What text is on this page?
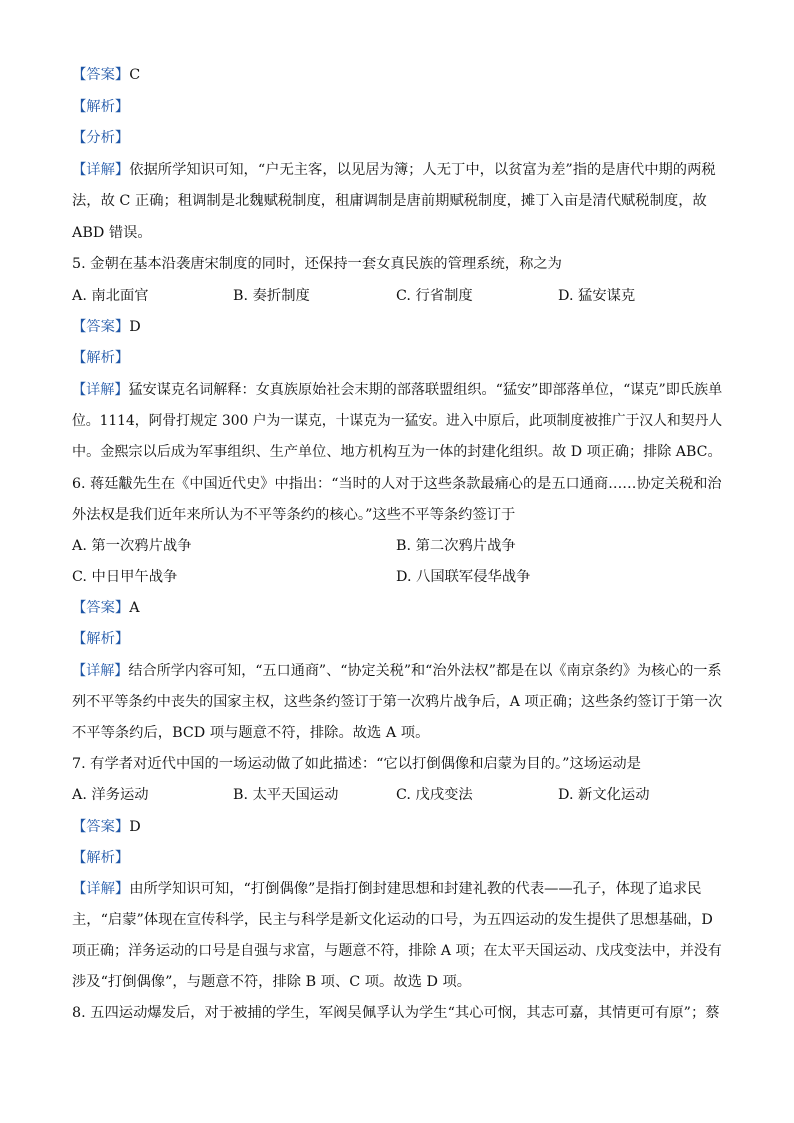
【答案】C
【解析】
【分析】
【详解】依据所学知识可知，“户无主客，以见居为簿；人无丁中，以贫富为差”指的是唐代中期的两税
法，故 C 正确；租调制是北魏赋税制度，租庸调制是唐前期赋税制度，摊丁入亩是清代赋税制度，故
ABD 错误。
5. 金朝在基本沿袭唐宋制度的同时，还保持一套女真民族的管理系统，称之为
A. 南北面官	B. 奏折制度	C. 行省制度	D. 猛安谋克
【答案】D
【解析】
【详解】猛安谋克名词解释：女真族原始社会末期的部落联盟组织。“猛安”即部落单位，“谋克”即氏族单
位。1114，阿骨打规定 300 户为一谋克，十谋克为一猛安。进入中原后，此项制度被推广于汉人和契丹人
中。金熙宗以后成为军事组织、生产单位、地方机构互为一体的封建化组织。故 D 项正确；排除 ABC。
6. 蒋廷黻先生在《中国近代史》中指出：“当时的人对于这些条款最痛心的是五口通商……协定关税和治
外法权是我们近年来所认为不平等条约的核心。”这些不平等条约签订于
A. 第一次鸦片战争	B. 第二次鸦片战争
C. 中日甲午战争	D. 八国联军侵华战争
【答案】A
【解析】
【详解】结合所学内容可知，“五口通商”、“协定关税”和“治外法权”都是在以《南京条约》为核心的一系
列不平等条约中丧失的国家主权，这些条约签订于第一次鸦片战争后，A 项正确；这些条约签订于第一次
不平等条约后，BCD 项与题意不符，排除。故选 A 项。
7. 有学者对近代中国的一场运动做了如此描述：“它以打倒偶像和启蒙为目的。”这场运动是
A. 洋务运动	B. 太平天国运动	C. 戊戌变法	D. 新文化运动
【答案】D
【解析】
【详解】由所学知识可知，“打倒偶像”是指打倒封建思想和封建礼教的代表——孔子，体现了追求民
主，“启蒙”体现在宣传科学，民主与科学是新文化运动的口号，为五四运动的发生提供了思想基础，D
项正确；洋务运动的口号是自强与求富，与题意不符，排除 A 项；在太平天国运动、戊戌变法中，并没有
涉及“打倒偶像”，与题意不符，排除 B 项、C 项。故选 D 项。
8. 五四运动爆发后，对于被捕的学生，军阀吴佩孚认为学生“其心可悯，其志可嘉，其情更可有原”；蔡
